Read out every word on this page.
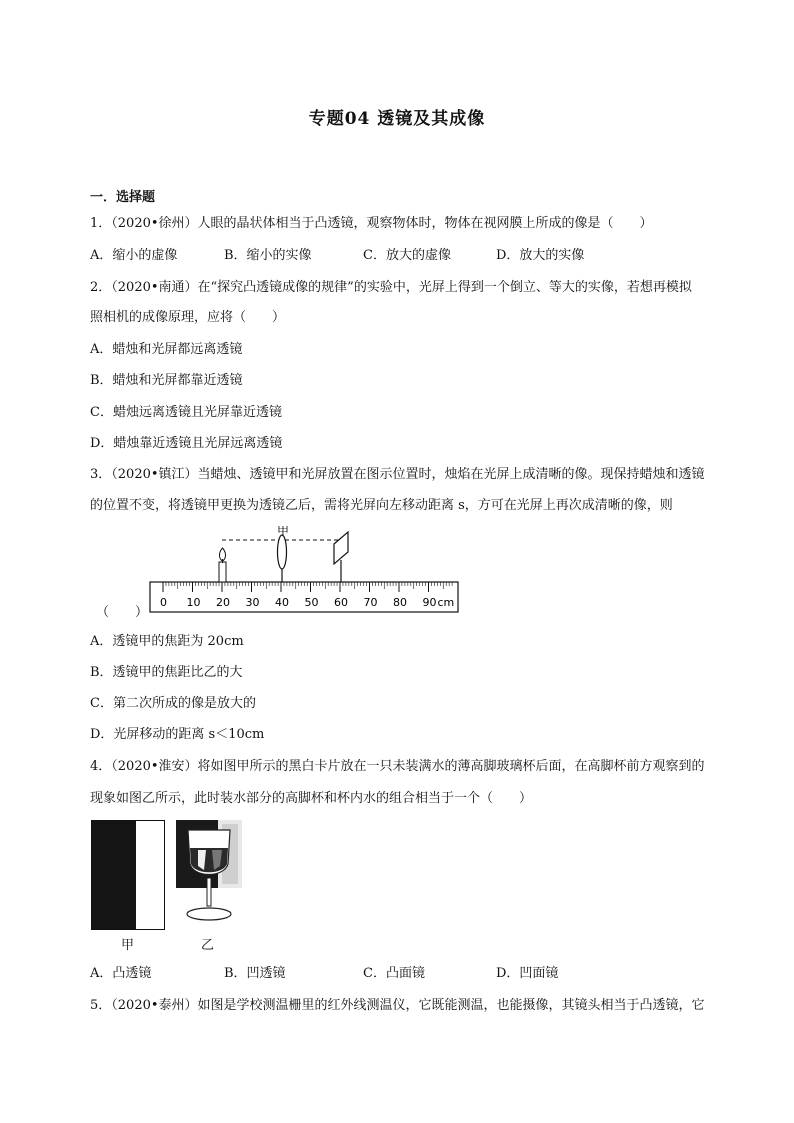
专题04 透镜及其成像
一．选择题
1．（2020•徐州）人眼的晶状体相当于凸透镜，观察物体时，物体在视网膜上所成的像是（　　）
A．缩小的虚像	B．缩小的实像	C．放大的虚像	D．放大的实像
2．（2020•南通）在“探究凸透镜成像的规律”的实验中，光屏上得到一个倒立、等大的实像，若想再模拟
照相机的成像原理，应将（　　）
A．蜡烛和光屏都远离透镜
B．蜡烛和光屏都靠近透镜
C．蜡烛远离透镜且光屏靠近透镜
D．蜡烛靠近透镜且光屏远离透镜
3．（2020•镇江）当蜡烛、透镜甲和光屏放置在图示位置时，烛焰在光屏上成清晰的像。现保持蜡烛和透镜
的位置不变，将透镜甲更换为透镜乙后，需将光屏向左移动距离 s，方可在光屏上再次成清晰的像，则
0 10 20 30 40 50 60 70 80 90 cm
甲
（　　）
A．透镜甲的焦距为 20cm
B．透镜甲的焦距比乙的大
C．第二次所成的像是放大的
D．光屏移动的距离 s＜10cm
4．（2020•淮安）将如图甲所示的黑白卡片放在一只未装满水的薄高脚玻璃杯后面，在高脚杯前方观察到的
现象如图乙所示，此时装水部分的高脚杯和杯内水的组合相当于一个（　　）
甲	乙
A．凸透镜	B．凹透镜	C．凸面镜	D．凹面镜
5．（2020•泰州）如图是学校测温栅里的红外线测温仪，它既能测温，也能摄像，其镜头相当于凸透镜，它
